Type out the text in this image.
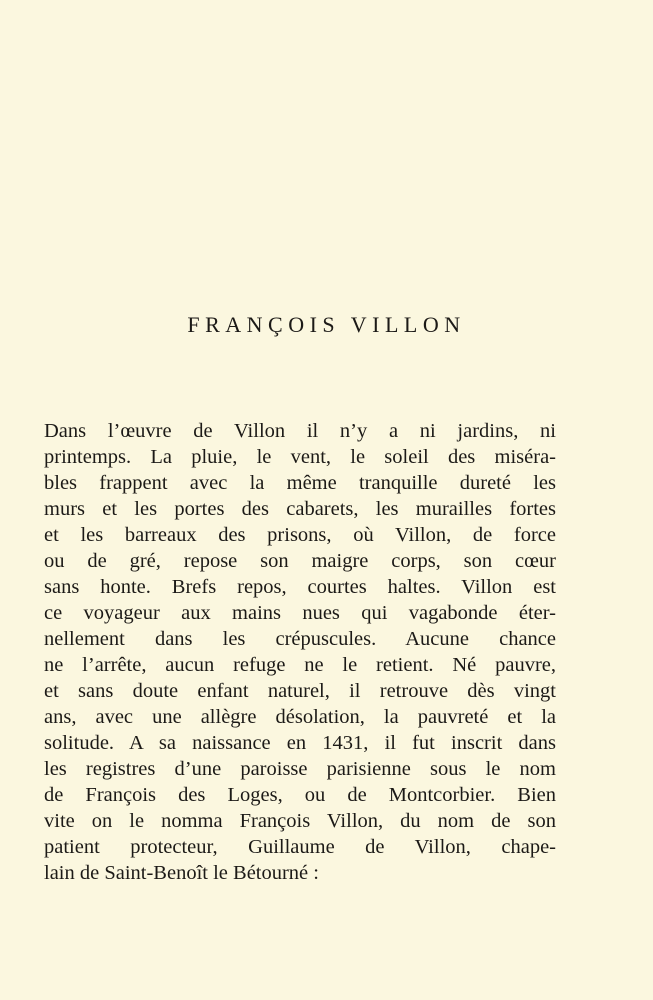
FRANÇOIS VILLON
Dans l’œuvre de Villon il n’y a ni jardins, ni
printemps. La pluie, le vent, le soleil des miséra-
bles frappent avec la même tranquille dureté les
murs et les portes des cabarets, les murailles fortes
et les barreaux des prisons, où Villon, de force
ou de gré, repose son maigre corps, son cœur
sans honte. Brefs repos, courtes haltes. Villon est
ce voyageur aux mains nues qui vagabonde éter-
nellement dans les crépuscules. Aucune chance
ne l’arrête, aucun refuge ne le retient. Né pauvre,
et sans doute enfant naturel, il retrouve dès vingt
ans, avec une allègre désolation, la pauvreté et la
solitude. A sa naissance en 1431, il fut inscrit dans
les registres d’une paroisse parisienne sous le nom
de François des Loges, ou de Montcorbier. Bien
vite on le nomma François Villon, du nom de son
patient protecteur, Guillaume de Villon, chape-
lain de Saint-Benoît le Bétourné :
